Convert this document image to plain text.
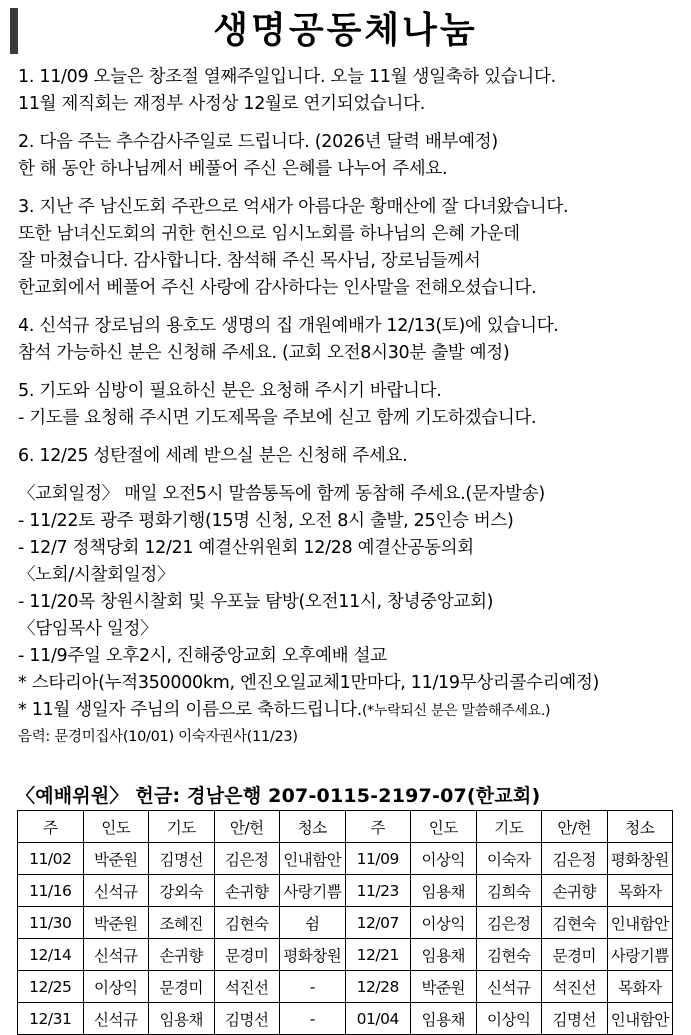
생명공동체나눔
1. 11/09 오늘은 창조절 열째주일입니다. 오늘 11월 생일축하 있습니다.
11월 제직회는 재정부 사정상 12월로 연기되었습니다.
2. 다음 주는 추수감사주일로 드립니다. (2026년 달력 배부예정)
한 해 동안 하나님께서 베풀어 주신 은혜를 나누어 주세요.
3. 지난 주 남신도회 주관으로 억새가 아름다운 황매산에 잘 다녀왔습니다.
또한 남녀신도회의 귀한 헌신으로 임시노회를 하나님의 은혜 가운데
잘 마쳤습니다. 감사합니다. 참석해 주신 목사님, 장로님들께서
한교회에서 베풀어 주신 사랑에 감사하다는 인사말을 전해오셨습니다.
4. 신석규 장로님의 용호도 생명의 집 개원예배가 12/13(토)에 있습니다.
참석 가능하신 분은 신청해 주세요. (교회 오전8시30분 출발 예정)
5. 기도와 심방이 필요하신 분은 요청해 주시기 바랍니다.
- 기도를 요청해 주시면 기도제목을 주보에 싣고 함께 기도하겠습니다.
6. 12/25 성탄절에 세례 받으실 분은 신청해 주세요.
〈교회일정〉 매일 오전5시 말씀통독에 함께 동참해 주세요.(문자발송)
- 11/22토 광주 평화기행(15명 신청, 오전 8시 출발, 25인승 버스)
- 12/7 정책당회 12/21 예결산위원회 12/28 예결산공동의회
〈노회/시찰회일정〉
- 11/20목 창원시찰회 및 우포늪 탐방(오전11시, 창녕중앙교회)
〈담임목사 일정〉
- 11/9주일 오후2시, 진해중앙교회 오후예배 설교
* 스타리아(누적350000km, 엔진오일교체1만마다, 11/19무상리콜수리예정)
* 11월 생일자 주님의 이름으로 축하드립니다.(*누락되신 분은 말씀해주세요.)
음력: 문경미집사(10/01) 이숙자권사(11/23)
〈예배위원〉 헌금: 경남은행 207-0115-2197-07(한교회)
주	인도	기도	안/헌	청소	주	인도	기도	안/헌	청소
11/02	박준원	김명선	김은정	인내함안	11/09	이상익	이숙자	김은정	평화창원
11/16	신석규	강외숙	손귀향	사랑기쁨	11/23	임용채	김희숙	손귀향	목화자
11/30	박준원	조혜진	김현숙	쉼	12/07	이상익	김은정	김현숙	인내함안
12/14	신석규	손귀향	문경미	평화창원	12/21	임용채	김현숙	문경미	사랑기쁨
12/25	이상익	문경미	석진선	-	12/28	박준원	신석규	석진선	목화자
12/31	신석규	임용채	김명선	-	01/04	임용채	이상익	김명선	인내함안
